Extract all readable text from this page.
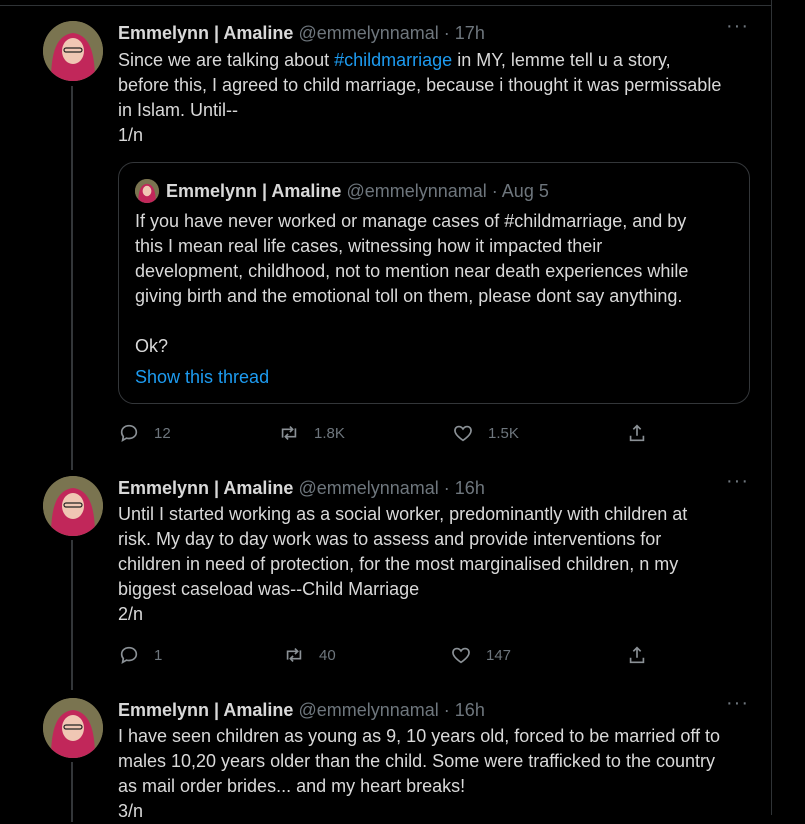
Emmelynn | Amaline @emmelynnamal · 17h	···
Since we are talking about #childmarriage in MY, lemme tell u a story,
before this, I agreed to child marriage, because i thought it was permissable
in Islam. Until--
1/n
Emmelynn | Amaline @emmelynnamal · Aug 5
If you have never worked or manage cases of #childmarriage, and by
this I mean real life cases, witnessing how it impacted their
development, childhood, not to mention near death experiences while
giving birth and the emotional toll on them, please dont say anything.
Ok?
Show this thread
12	1.8K	1.5K
Emmelynn | Amaline @emmelynnamal · 16h	···
Until I started working as a social worker, predominantly with children at
risk. My day to day work was to assess and provide interventions for
children in need of protection, for the most marginalised children, n my
biggest caseload was--Child Marriage
2/n
1	40	147
Emmelynn | Amaline @emmelynnamal · 16h	···
I have seen children as young as 9, 10 years old, forced to be married off to
males 10,20 years older than the child. Some were trafficked to the country
as mail order brides... and my heart breaks!
3/n
